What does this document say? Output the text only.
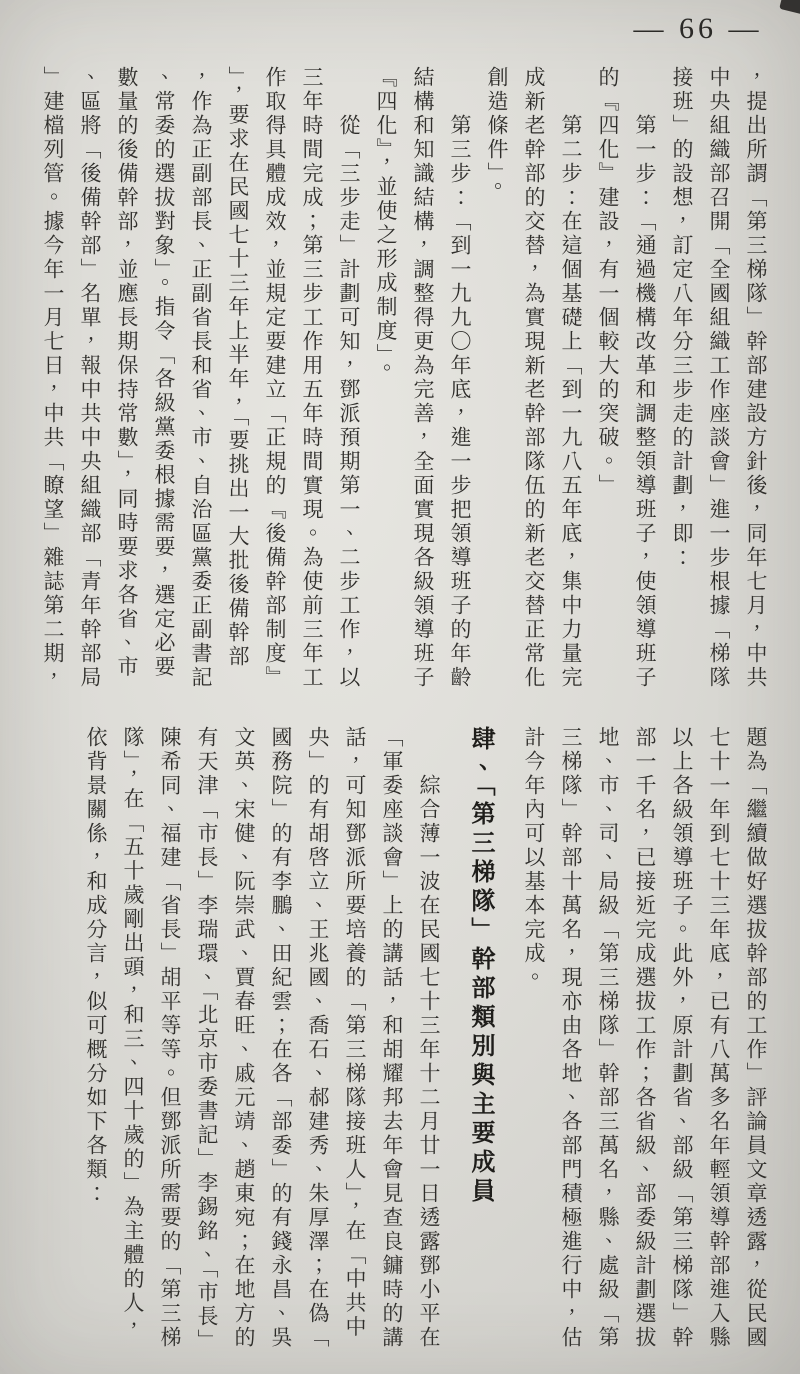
— 66 —

，提出所謂「第三梯隊」幹部建設方針後，同年七月，中共中央組織部召開「全國組織工作座談會」進一步根據「梯隊接班」的設想，訂定八年分三步走的計劃，即：

第一步：「通過機構改革和調整領導班子，使領導班子的『四化』建設，有一個較大的突破。」

第二步：在這個基礎上「到一九八五年底，集中力量完成新老幹部的交替，為實現新老幹部隊伍的新老交替正常化創造條件」。

第三步：「到一九九〇年底，進一步把領導班子的年齡結構和知識結構，調整得更為完善，全面實現各級領導班子『四化』，並使之形成制度」。

從「三步走」計劃可知，鄧派預期第一、二步工作，以三年時間完成；第三步工作用五年時間實現。為使前三年工作取得具體成效，並規定要建立「正規的『後備幹部制度』」，要求在民國七十三年上半年，「要挑出一大批後備幹部，作為正副部長、正副省長和省、市、自治區黨委正副書記、常委的選拔對象」。指令「各級黨委根據需要，選定必要數量的後備幹部，並應長期保持常數」，同時要求各省、市、區將「後備幹部」名單，報中共中央組織部「青年幹部局」建檔列管。據今年一月七日，中共「瞭望」雜誌第二期，

題為「繼續做好選拔幹部的工作」評論員文章透露，從民國七十一年到七十三年底，已有八萬多名年輕領導幹部進入縣以上各級領導班子。此外，原計劃省、部級「第三梯隊」幹部一千名，已接近完成選拔工作；各省級、部委級計劃選拔地、市、司、局級「第三梯隊」幹部三萬名，縣、處級「第三梯隊」幹部十萬名，現亦由各地、各部門積極進行中，估計今年內可以基本完成。

肆、「第三梯隊」幹部類別與主要成員

綜合薄一波在民國七十三年十二月廿一日透露鄧小平在「軍委座談會」上的講話，和胡耀邦去年會見查良鏞時的講話，可知鄧派所要培養的「第三梯隊接班人」，在「中共中央」的有胡啓立、王兆國、喬石、郝建秀、朱厚澤；在偽「國務院」的有李鵬、田紀雲；在各「部委」的有錢永昌、吳文英、宋健、阮崇武、賈春旺、戚元靖、趙東宛；在地方的有天津「市長」李瑞環、「北京市委書記」李錫銘、「市長」陳希同、福建「省長」胡平等等。但鄧派所需要的「第三梯隊」，在「五十歲剛出頭，和三、四十歲的」為主體的人，依背景關係，和成分言，似可概分如下各類：
